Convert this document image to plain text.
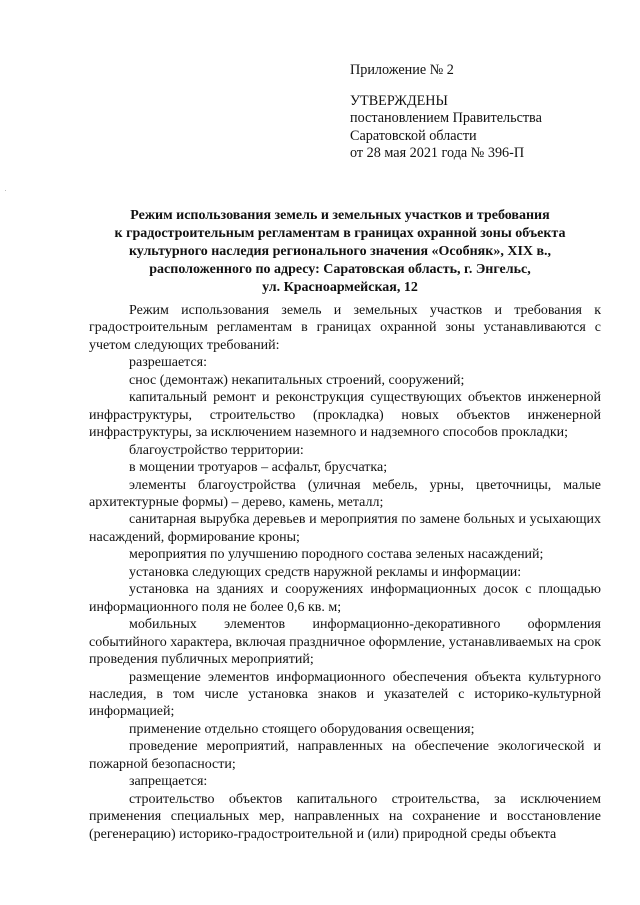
Приложение № 2
УТВЕРЖДЕНЫ
постановлением Правительства
Саратовской области
от 28 мая 2021 года № 396-П
Режим использования земель и земельных участков и требования
к градостроительным регламентам в границах охранной зоны объекта
культурного наследия регионального значения «Особняк», XIX в.,
расположенного по адресу: Саратовская область, г. Энгельс,
ул. Красноармейская, 12

Режим использования земель и земельных участков и требования к градостроительным регламентам в границах охранной зоны устанавливаются с учетом следующих требований:

разрешается:

снос (демонтаж) некапитальных строений, сооружений;

капитальный ремонт и реконструкция существующих объектов инженерной инфраструктуры, строительство (прокладка) новых объектов инженерной инфраструктуры, за исключением наземного и надземного способов прокладки;

благоустройство территории:

в мощении тротуаров – асфальт, брусчатка;

элементы благоустройства (уличная мебель, урны, цветочницы, малые архитектурные формы) – дерево, камень, металл;

санитарная вырубка деревьев и мероприятия по замене больных и усыхающих насаждений, формирование кроны;

мероприятия по улучшению породного состава зеленых насаждений;

установка следующих средств наружной рекламы и информации:

установка на зданиях и сооружениях информационных досок с площадью информационного поля не более 0,6 кв. м;

мобильных элементов информационно-декоративного оформления событийного характера, включая праздничное оформление, устанавливаемых на срок проведения публичных мероприятий;

размещение элементов информационного обеспечения объекта культурного наследия, в том числе установка знаков и указателей с историко-культурной информацией;

применение отдельно стоящего оборудования освещения;

проведение мероприятий, направленных на обеспечение экологической и пожарной безопасности;

запрещается:

строительство объектов капитального строительства, за исключением применения специальных мер, направленных на сохранение и восстановление (регенерацию) историко-градостроительной и (или) природной среды объекта
